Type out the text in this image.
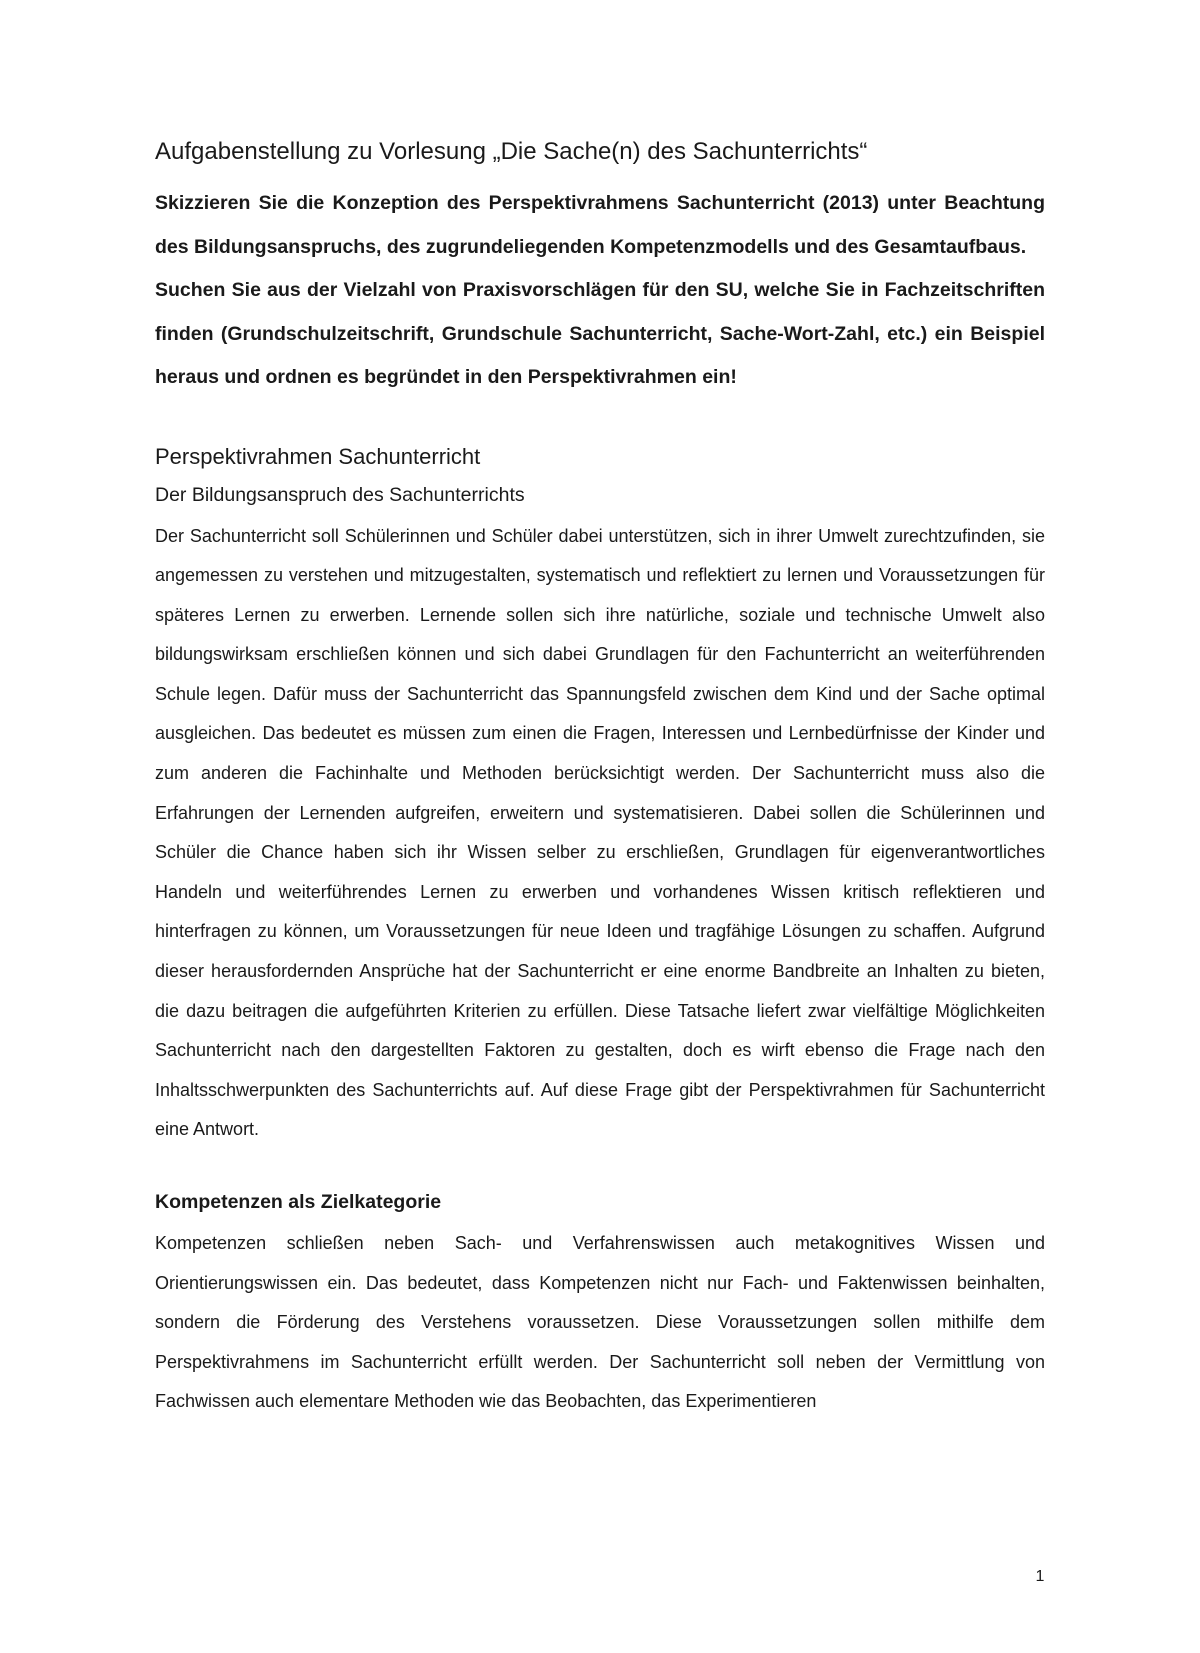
Aufgabenstellung zu Vorlesung „Die Sache(n) des Sachunterrichts“

Skizzieren Sie die Konzeption des Perspektivrahmens Sachunterricht (2013) unter Beachtung des Bildungsanspruchs, des zugrundeliegenden Kompetenzmodells und des Gesamtaufbaus.

Suchen Sie aus der Vielzahl von Praxisvorschlägen für den SU, welche Sie in Fachzeitschriften finden (Grundschulzeitschrift, Grundschule Sachunterricht, Sache-Wort-Zahl, etc.) ein Beispiel heraus und ordnen es begründet in den Perspektivrahmen ein!

Perspektivrahmen Sachunterricht
Der Bildungsanspruch des Sachunterrichts

Der Sachunterricht soll Schülerinnen und Schüler dabei unterstützen, sich in ihrer Umwelt zurechtzufinden, sie angemessen zu verstehen und mitzugestalten, systematisch und reflektiert zu lernen und Voraussetzungen für späteres Lernen zu erwerben. Lernende sollen sich ihre natürliche, soziale und technische Umwelt also bildungswirksam erschließen können und sich dabei Grundlagen für den Fachunterricht an weiterführenden Schule legen. Dafür muss der Sachunterricht das Spannungsfeld zwischen dem Kind und der Sache optimal ausgleichen. Das bedeutet es müssen zum einen die Fragen, Interessen und Lernbedürfnisse der Kinder und zum anderen die Fachinhalte und Methoden berücksichtigt werden. Der Sachunterricht muss also die Erfahrungen der Lernenden aufgreifen, erweitern und systematisieren. Dabei sollen die Schülerinnen und Schüler die Chance haben sich ihr Wissen selber zu erschließen, Grundlagen für eigenverantwortliches Handeln und weiterführendes Lernen zu erwerben und vorhandenes Wissen kritisch reflektieren und hinterfragen zu können, um Voraussetzungen für neue Ideen und tragfähige Lösungen zu schaffen. Aufgrund dieser herausfordernden Ansprüche hat der Sachunterricht er eine enorme Bandbreite an Inhalten zu bieten, die dazu beitragen die aufgeführten Kriterien zu erfüllen. Diese Tatsache liefert zwar vielfältige Möglichkeiten Sachunterricht nach den dargestellten Faktoren zu gestalten, doch es wirft ebenso die Frage nach den Inhaltsschwerpunkten des Sachunterrichts auf. Auf diese Frage gibt der Perspektivrahmen für Sachunterricht eine Antwort.

Kompetenzen als Zielkategorie

Kompetenzen schließen neben Sach- und Verfahrenswissen auch metakognitives Wissen und Orientierungswissen ein. Das bedeutet, dass Kompetenzen nicht nur Fach- und Faktenwissen beinhalten, sondern die Förderung des Verstehens voraussetzen. Diese Voraussetzungen sollen mithilfe dem Perspektivrahmens im Sachunterricht erfüllt werden. Der Sachunterricht soll neben der Vermittlung von Fachwissen auch elementare Methoden wie das Beobachten, das Experimentieren

1
